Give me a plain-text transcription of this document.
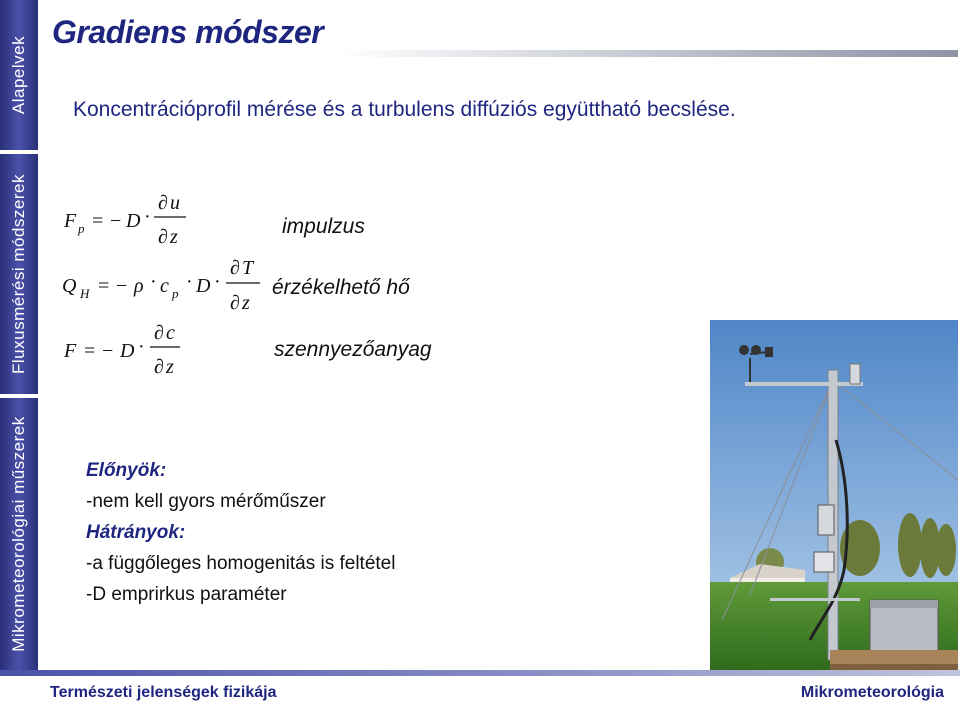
Alapelvek
Fluxusmérési módszerek
Mikrometeorológiai műszerek
Gradiens módszer
Koncentrációprofil mérése és a turbulens diffúziós együttható becslése.
F p = − D ·
∂ u
∂ z
Q H = − ρ · c p
· D ·
∂ T
∂ z
F = − D ·
∂ c
∂ z
impulzus
érzékelhető hő
szennyezőanyag
Előnyök:
-nem kell gyors mérőműszer
Hátrányok:
-a függőleges homogenitás is feltétel
-D emprirkus paraméter
Természeti jelenségek fizikája	Mikrometeorológia
